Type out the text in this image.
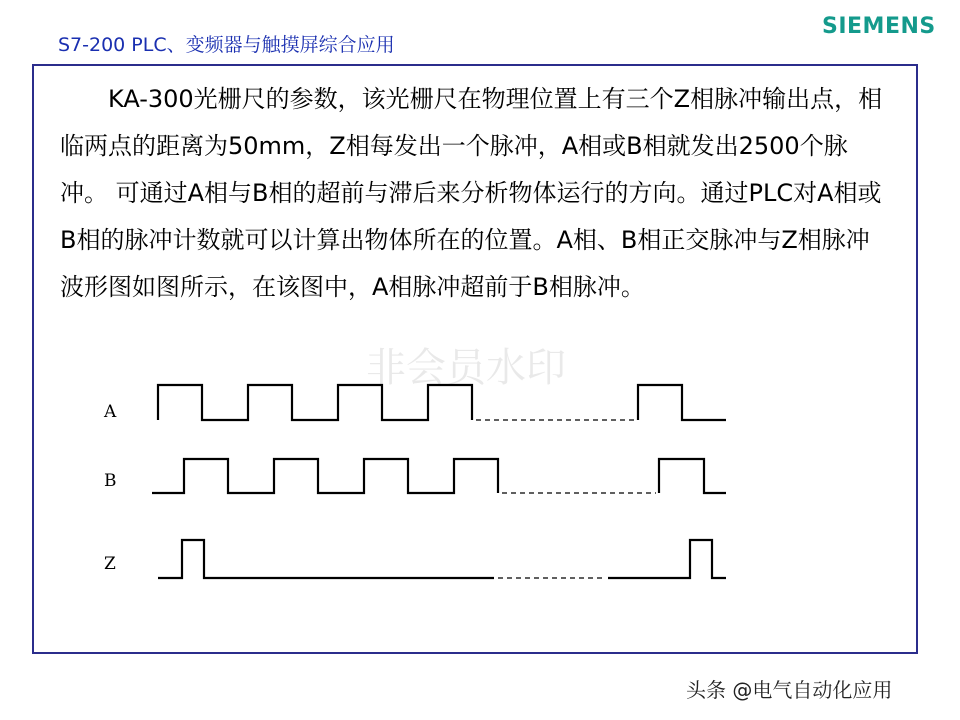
S7-200 PLC、变频器与触摸屏综合应用
SIEMENS

KA-300光栅尺的参数，该光栅尺在物理位置上有三个Z相脉冲输出点，相临两点的距离为50mm，Z相每发出一个脉冲，A相或B相就发出2500个脉冲。 可通过A相与B相的超前与滞后来分析物体运行的方向。通过PLC对A相或B相的脉冲计数就可以计算出物体所在的位置。A相、B相正交脉冲与Z相脉冲波形图如图所示，在该图中，A相脉冲超前于B相脉冲。

非会员水印
A
B
Z
头条 @电气自动化应用
